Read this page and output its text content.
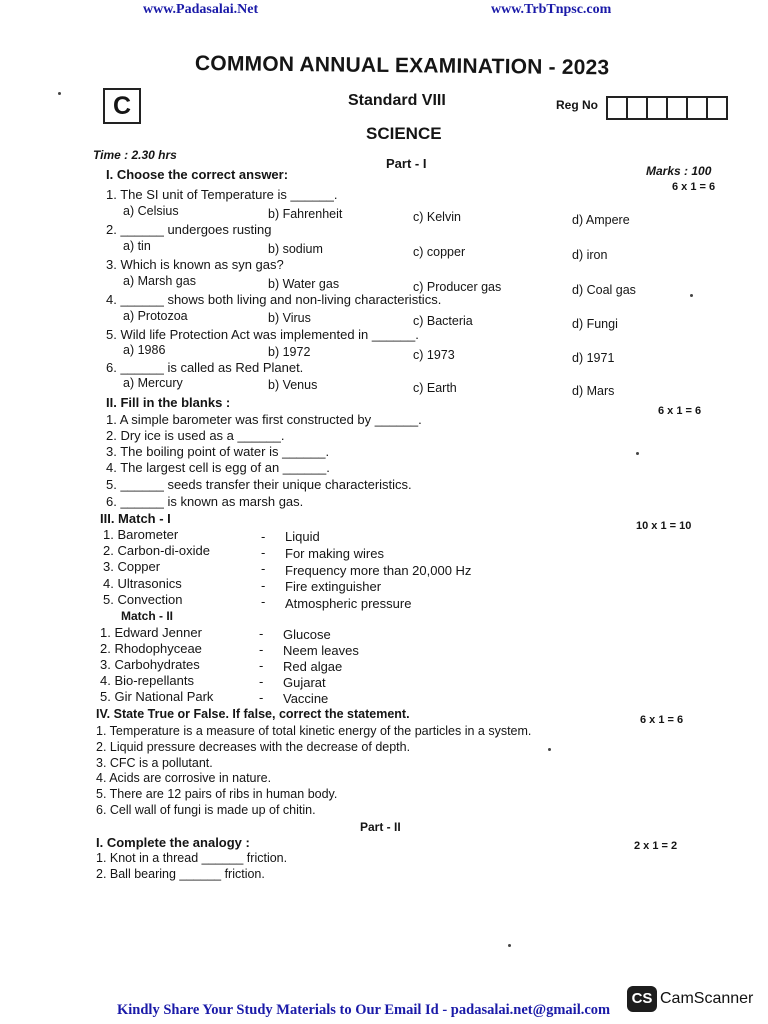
www.Padasalai.Net	www.TrbTnpsc.com
COMMON ANNUAL EXAMINATION - 2023
C	Standard VIII	Reg No
SCIENCE
Time : 2.30 hrs
Part - I	Marks : 100
I. Choose the correct answer:
6 x 1 = 6
1. The SI unit of Temperature is ______.
a) Celsius	b) Fahrenheit	c) Kelvin	d) Ampere
2. ______ undergoes rusting
a) tin	b) sodium	c) copper	d) iron
3. Which is known as syn gas?
a) Marsh gas	b) Water gas	c) Producer gas	d) Coal gas
4. ______ shows both living and non-living characteristics.
a) Protozoa	b) Virus	c) Bacteria	d) Fungi
5. Wild life Protection Act was implemented in ______.
a) 1986	b) 1972	c) 1973	d) 1971
6. ______ is called as Red Planet.
a) Mercury	b) Venus	c) Earth	d) Mars
II. Fill in the blanks :
6 x 1 = 6
1. A simple barometer was first constructed by ______.
2. Dry ice is used as a ______.
3. The boiling point of water is ______.
4. The largest cell is egg of an ______.
5. ______ seeds transfer their unique characteristics.
6. ______ is known as marsh gas.
III. Match - I	10 x 1 = 10
1. Barometer	- Liquid
2. Carbon-di-oxide	- For making wires
3. Copper	- Frequency more than 20,000 Hz
4. Ultrasonics	- Fire extinguisher
5. Convection	- Atmospheric pressure
Match - II
1. Edward Jenner	- Glucose
2. Rhodophyceae	- Neem leaves
3. Carbohydrates	- Red algae
4. Bio-repellants	- Gujarat
5. Gir National Park	- Vaccine
IV. State True or False. If false, correct the statement.	6 x 1 = 6
1. Temperature is a measure of total kinetic energy of the particles in a system.
2. Liquid pressure decreases with the decrease of depth.
3. CFC is a pollutant.
4. Acids are corrosive in nature.
5. There are 12 pairs of ribs in human body.
6. Cell wall of fungi is made up of chitin.
Part - II
I. Complete the analogy :	2 x 1 = 2
1. Knot in a thread ______ friction.
2. Ball bearing ______ friction.
Kindly Share Your Study Materials to Our Email Id - padasalai.net@gmail.com
CS CamScanner
